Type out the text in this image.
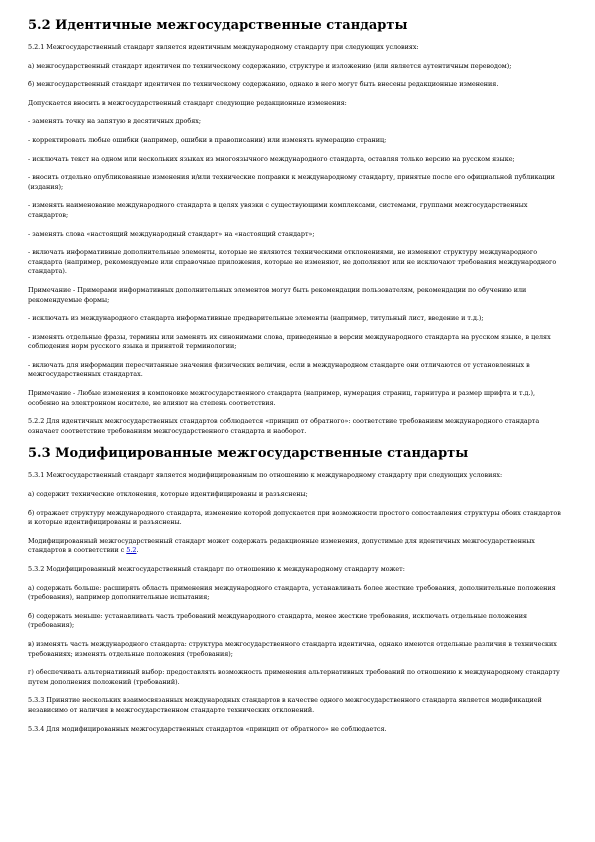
5.2 Идентичные межгосударственные стандарты

5.2.1 Межгосударственный стандарт является идентичным международному стандарту при следующих условиях:

а) межгосударственный стандарт идентичен по техническому содержанию, структуре и изложению (или является аутентичным переводом);

б) межгосударственный стандарт идентичен по техническому содержанию, однако в него могут быть внесены редакционные изменения.

Допускается вносить в межгосударственный стандарт следующие редакционные изменения:

- заменять точку на запятую в десятичных дробях;

- корректировать любые ошибки (например, ошибки в правописании) или изменять нумерацию страниц;

- исключать текст на одном или нескольких языках из многоязычного международного стандарта, оставляя только версию на русском языке;

- вносить отдельно опубликованные изменения и/или технические поправки к международному стандарту, принятые после его официальной публикации (издания);

- изменять наименование международного стандарта в целях увязки с существующими комплексами, системами, группами межгосударственных стандартов;

- заменять слова «настоящий международный стандарт» на «настоящий стандарт»;

- включать информативные дополнительные элементы, которые не являются техническими отклонениями, не изменяют структуру международного стандарта (например, рекомендуемые или справочные приложения, которые не изменяют, не дополняют или не исключают требования международного стандарта).

Примечание - Примерами информативных дополнительных элементов могут быть рекомендации пользователям, рекомендации по обучению или рекомендуемые формы;

- исключать из международного стандарта информативные предварительные элементы (например, титульный лист, введение и т.д.);

- изменять отдельные фразы, термины или заменять их синонимами слова, приведенные в версии международного стандарта на русском языке, в целях соблюдения норм русского языка и принятой терминологии;

- включать для информации пересчитанные значения физических величин, если в международном стандарте они отличаются от установленных в межгосударственных стандартах.

Примечание - Любые изменения в компоновке межгосударственного стандарта (например, нумерация страниц, гарнитура и размер шрифта и т.д.), особенно на электронном носителе, не влияют на степень соответствия.

5.2.2 Для идентичных межгосударственных стандартов соблюдается «принцип от обратного»: соответствие требованиям международного стандарта означает соответствие требованиям межгосударственного стандарта и наоборот.

5.3 Модифицированные межгосударственные стандарты

5.3.1 Межгосударственный стандарт является модифицированным по отношению к международному стандарту при следующих условиях:

а) содержит технические отклонения, которые идентифицированы и разъяснены;

б) отражает структуру международного стандарта, изменение которой допускается при возможности простого сопоставления структуры обоих стандартов и которые идентифицированы и разъяснены.

Модифицированный межгосударственный стандарт может содержать редакционные изменения, допустимые для идентичных межгосударственных стандартов в соответствии с 5.2.

5.3.2 Модифицированный межгосударственный стандарт по отношению к международному стандарту может:

а) содержать больше: расширять область применения международного стандарта, устанавливать более жесткие требования, дополнительные положения (требования), например дополнительные испытания;

б) содержать меньше: устанавливать часть требований международного стандарта, менее жесткие требования, исключать отдельные положения (требования);

в) изменять часть международного стандарта: структура межгосударственного стандарта идентична, однако имеются отдельные различия в технических требованиях; изменять отдельные положения (требования);

г) обеспечивать альтернативный выбор: предоставлять возможность применения альтернативных требований по отношению к международному стандарту путем дополнения положений (требований).

5.3.3 Принятие нескольких взаимосвязанных международных стандартов в качестве одного межгосударственного стандарта является модификацией независимо от наличия в межгосударственном стандарте технических отклонений.

5.3.4 Для модифицированных межгосударственных стандартов «принцип от обратного» не соблюдается.
